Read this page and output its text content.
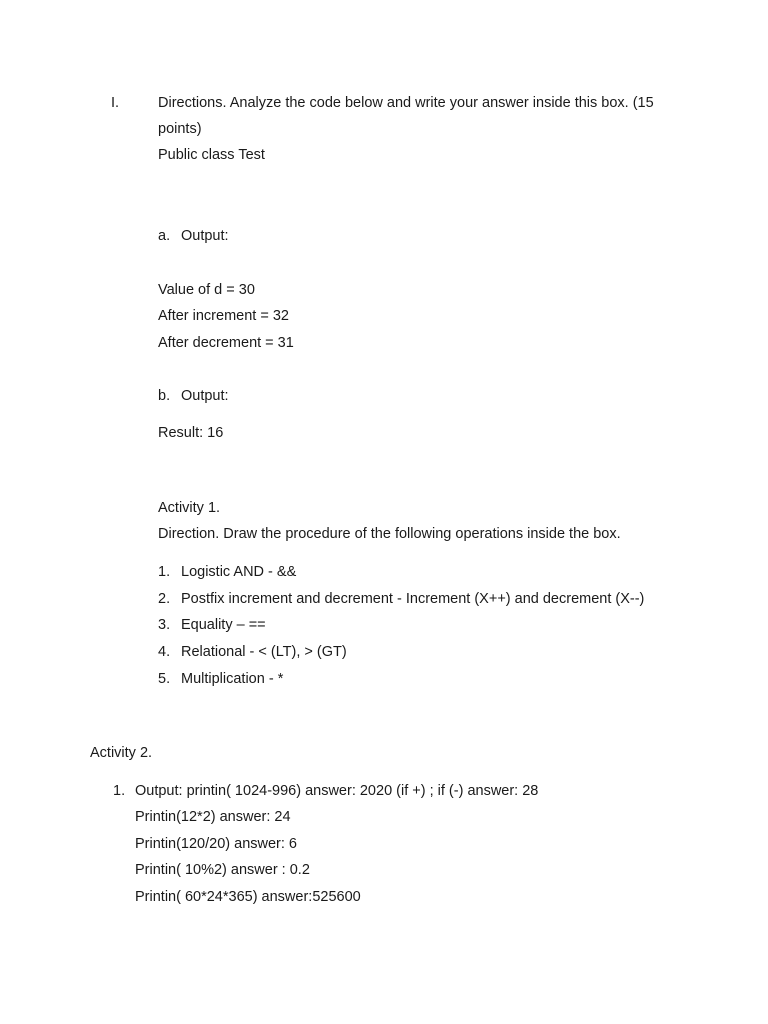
I.	Directions. Analyze the code below and write your answer inside this box. (15
points)
Public class Test
a. Output:
Value of d = 30
After increment = 32
After decrement = 31
b. Output:
Result: 16
Activity 1.
Direction. Draw the procedure of the following operations inside the box.
1. Logistic AND - &&
2. Postfix increment and decrement - Increment (X++) and decrement (X--)
3. Equality – ==
4. Relational - < (LT), > (GT)
5. Multiplication - *
Activity 2.
1. Output: printin( 1024-996) answer: 2020 (if +) ; if (-) answer: 28
Printin(12*2) answer: 24
Printin(120/20) answer: 6
Printin( 10%2) answer : 0.2
Printin( 60*24*365) answer:525600
